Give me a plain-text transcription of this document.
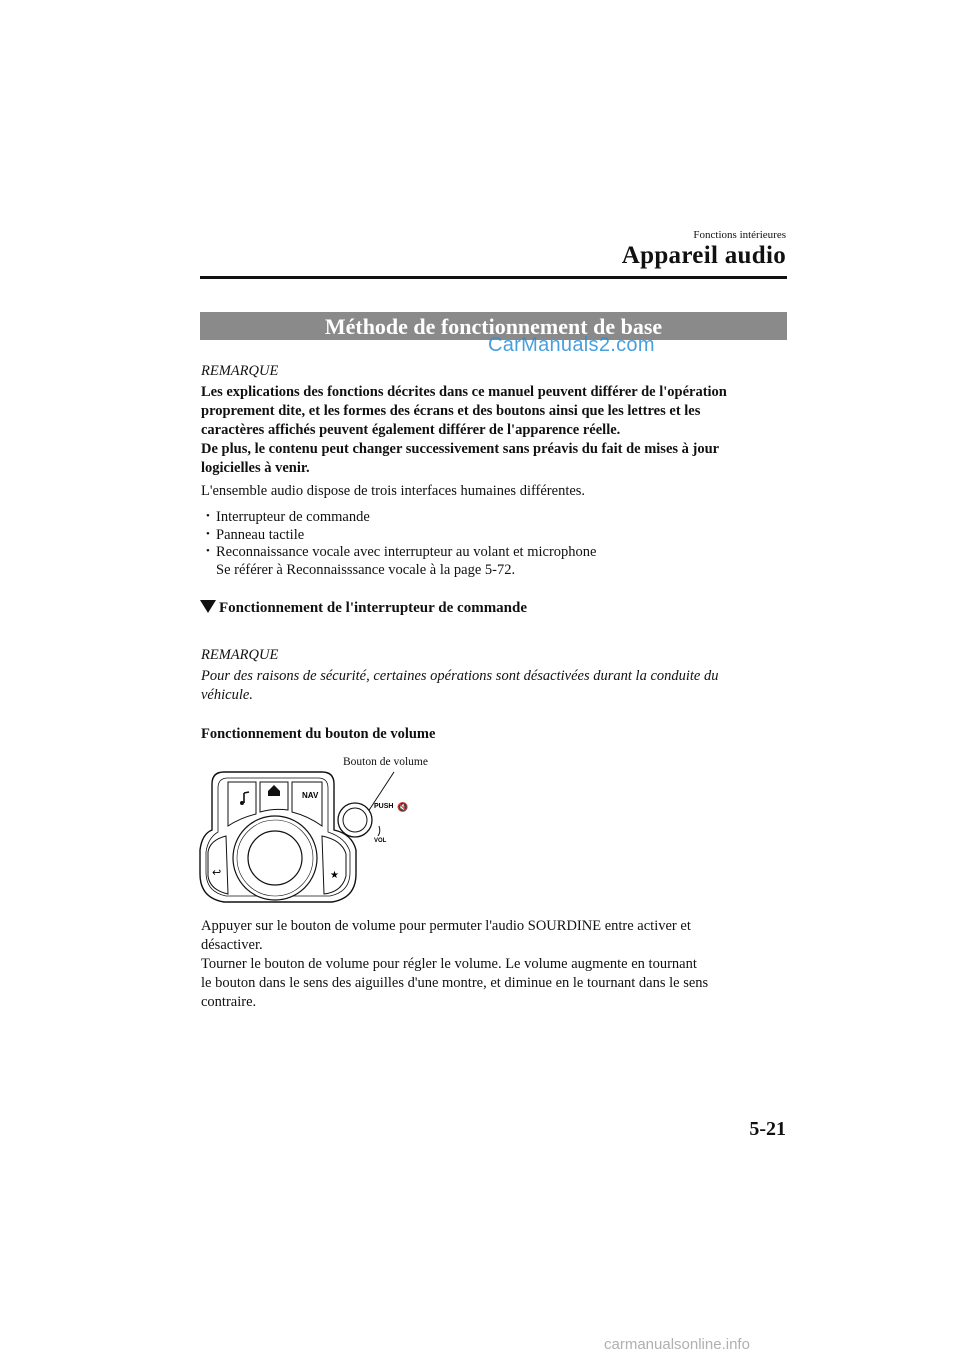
Fonctions intérieures
Appareil audio
Méthode de fonctionnement de base
CarManuals2.com
REMARQUE
Les explications des fonctions décrites dans ce manuel peuvent différer de l'opération
proprement dite, et les formes des écrans et des boutons ainsi que les lettres et les
caractères affichés peuvent également différer de l'apparence réelle.
De plus, le contenu peut changer successivement sans préavis du fait de mises à jour
logicielles à venir.
L'ensemble audio dispose de trois interfaces humaines différentes.
• Interrupteur de commande
• Panneau tactile
• Reconnaissance vocale avec interrupteur au volant et microphone
Se référer à Reconnaisssance vocale à la page 5-72.
Fonctionnement de l'interrupteur de commande
REMARQUE
Pour des raisons de sécurité, certaines opérations sont désactivées durant la conduite du
véhicule.
Fonctionnement du bouton de volume
Bouton de volume
NAV
↩	★
PUSH 🔇
VOL
Appuyer sur le bouton de volume pour permuter l'audio SOURDINE entre activer et
désactiver.
Tourner le bouton de volume pour régler le volume. Le volume augmente en tournant
le bouton dans le sens des aiguilles d'une montre, et diminue en le tournant dans le sens
contraire.
5-21
carmanualsonline.info
